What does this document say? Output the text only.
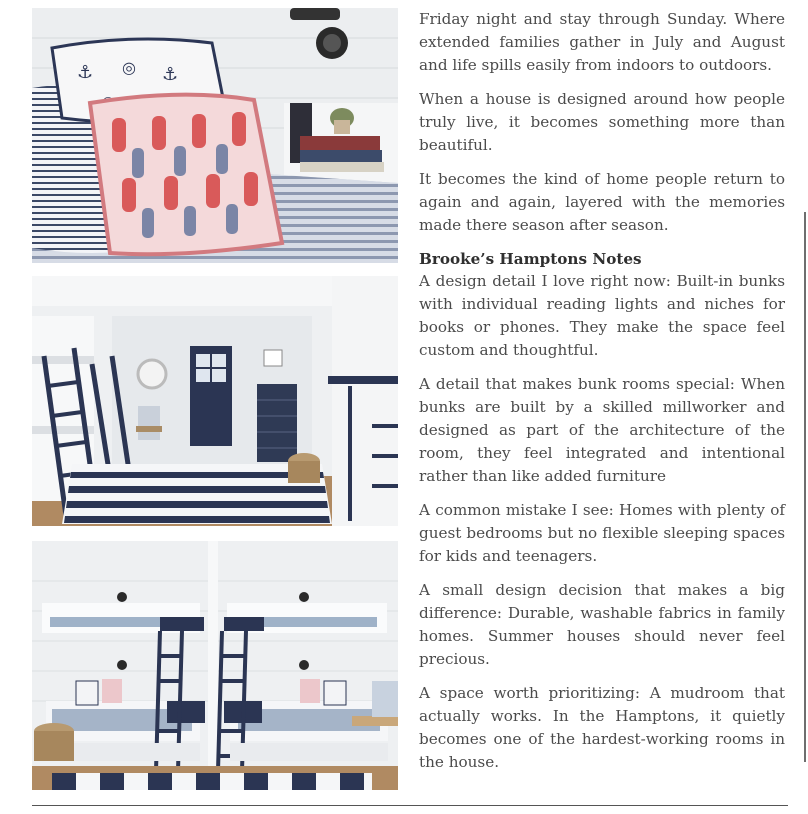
⚓ ◎ ⚓

Friday night and stay through Sunday. Where extended families gather in July and August and life spills easily from indoors to outdoors.

When a house is designed around how people truly live, it becomes something more than beautiful.

It becomes the kind of home people return to again and again, layered with the memories made there season after season.

Brooke’s Hamptons Notes

A design detail I love right now: Built-in bunks with individual reading lights and niches for books or phones. They make the space feel custom and thoughtful.

A detail that makes bunk rooms special: When bunks are built by a skilled millworker and designed as part of the architecture of the room, they feel integrated and intentional rather than like added furniture

A common mistake I see: Homes with plenty of guest bedrooms but no flexible sleeping spaces for kids and teenagers.

A small design decision that makes a big difference: Durable, washable fabrics in family homes. Summer houses should never feel precious.

A space worth prioritizing: A mudroom that actually works. In the Hamptons, it quietly becomes one of the hardest-working rooms in the house.
